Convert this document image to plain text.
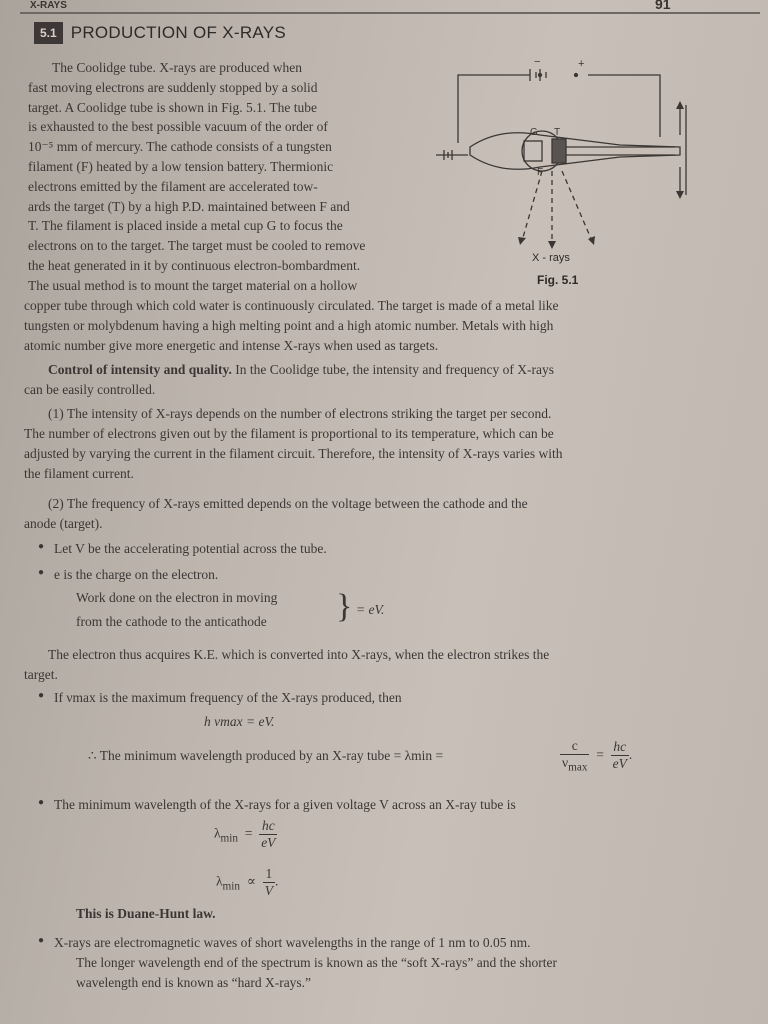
X-RAYS	91
5.1 PRODUCTION OF X-RAYS
The Coolidge tube. X-rays are produced when
fast moving electrons are suddenly stopped by a solid
target. A Coolidge tube is shown in Fig. 5.1. The tube
is exhausted to the best possible vacuum of the order of
10⁻⁵ mm of mercury. The cathode consists of a tungsten
filament (F) heated by a low tension battery. Thermionic
electrons emitted by the filament are accelerated tow-
ards the target (T) by a high P.D. maintained between F and
T. The filament is placed inside a metal cup G to focus the
electrons on to the target. The target must be cooled to remove
the heat generated in it by continuous electron-bombardment.
The usual method is to mount the target material on a hollow
+
−
G T
F
X - rays
Fig. 5.1

copper tube through which cold water is continuously circulated. The target is made of a metal like

tungsten or molybdenum having a high melting point and a high atomic number. Metals with high

atomic number give more energetic and intense X-rays when used as targets.

Control of intensity and quality. In the Coolidge tube, the intensity and frequency of X-rays

can be easily controlled.

(1) The intensity of X-rays depends on the number of electrons striking the target per second.

The number of electrons given out by the filament is proportional to its temperature, which can be

adjusted by varying the current in the filament circuit. Therefore, the intensity of X-rays varies with

the filament current.

(2) The frequency of X-rays emitted depends on the voltage between the cathode and the

anode (target).

● Let V be the accelerating potential across the tube.
● e is the charge on the electron.
Work done on the electron in moving
from the cathode to the anticathode } = eV.

The electron thus acquires K.E. which is converted into X-rays, when the electron strikes the

target.

● If νmax is the maximum frequency of the X-rays produced, then
h νmax = eV.
∴ The minimum wavelength produced by an X-ray tube = λmin =	$\frac{c}{\nu_{max}} = \frac{hc}{eV}$ .
● The minimum wavelength of the X-rays for a given voltage V across an X-ray tube is
$\lambda_{min} = \frac{hc}{eV}$
$\lambda_{min} \propto \frac{1}{V}$ .
This is Duane-Hunt law.
● X-rays are electromagnetic waves of short wavelengths in the range of 1 nm to 0.05 nm.
The longer wavelength end of the spectrum is known as the “soft X-rays” and the shorter
wavelength end is known as “hard X-rays.”
